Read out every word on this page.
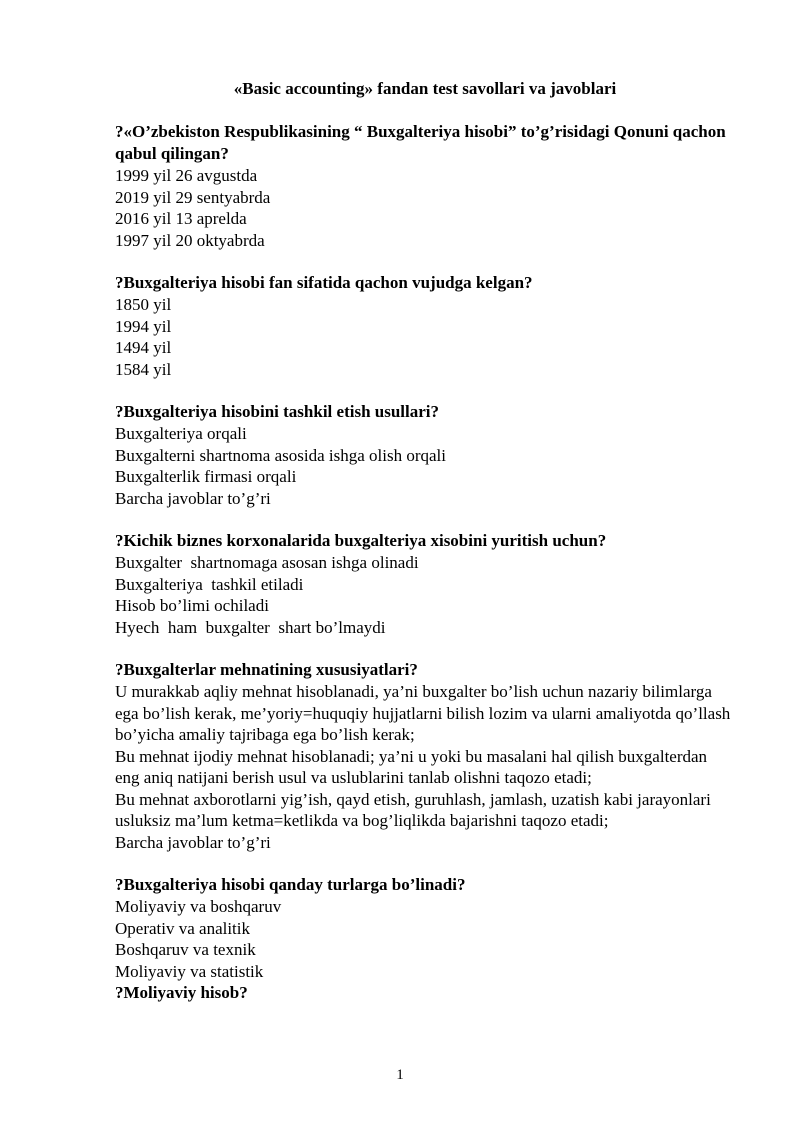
«Basic accounting» fandan test savollari va javoblari
?«O’zbekiston Respublikasining “ Buxgalteriya hisobi” to’g’risidagi Qonuni qachon qabul qilingan?
1999 yil 26 avgustda
2019 yil 29 sentyabrda
2016 yil 13 aprelda
1997 yil 20 oktyabrda
?Buxgalteriya hisobi fan sifatida qachon vujudga kelgan?
1850 yil
1994 yil
1494 yil
1584 yil
?Buxgalteriya hisobini tashkil etish usullari?
Buxgalteriya orqali
Buxgalterni shartnoma asosida ishga olish orqali
Buxgalterlik firmasi orqali
Barcha javoblar to’g’ri
?Kichik biznes korxonalarida buxgalteriya xisobini yuritish uchun?
Buxgalter  shartnomaga asosan ishga olinadi
Buxgalteriya  tashkil etiladi
Hisob bo’limi ochiladi
Hyech  ham  buxgalter  shart bo’lmaydi
?Buxgalterlar mehnatining xususiyatlari?
U murakkab aqliy mehnat hisoblanadi, ya’ni buxgalter bo’lish uchun nazariy bilimlarga ega bo’lish kerak, me’yoriy=huquqiy hujjatlarni bilish lozim va ularni amaliyotda qo’llash bo’yicha amaliy tajribaga ega bo’lish kerak;
Bu mehnat ijodiy mehnat hisoblanadi; ya’ni u yoki bu masalani hal qilish buxgalterdan eng aniq natijani berish usul va uslublarini tanlab olishni taqozo etadi;
Bu mehnat axborotlarni yig’ish, qayd etish, guruhlash, jamlash, uzatish kabi jarayonlari usluksiz ma’lum ketma=ketlikda va bog’liqlikda bajarishni taqozo etadi;
Barcha javoblar to’g’ri
?Buxgalteriya hisobi qanday turlarga bo’linadi?
Moliyaviy va boshqaruv
Operativ va analitik
Boshqaruv va texnik
Moliyaviy va statistik
?Moliyaviy hisob?
1
